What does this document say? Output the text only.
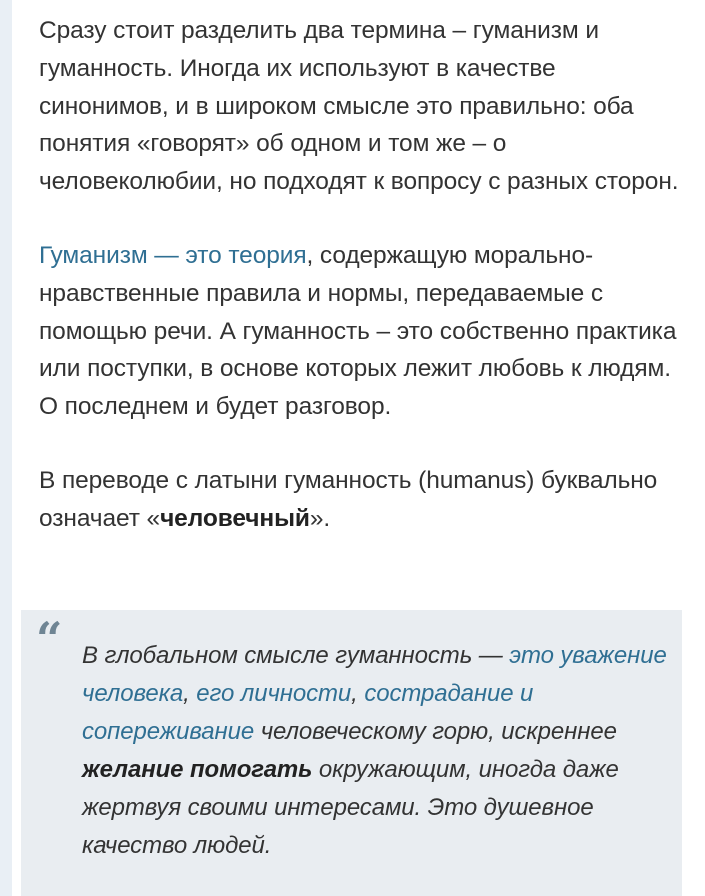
Сразу стоит разделить два термина – гуманизм и гуманность. Иногда их используют в качестве синонимов, и в широком смысле это правильно: оба понятия «говорят» об одном и том же – о человеколюбии, но подходят к вопросу с разных сторон.

Гуманизм — это теория, содержащую морально-нравственные правила и нормы, передаваемые с помощью речи. А гуманность – это собственно практика или поступки, в основе которых лежит любовь к людям. О последнем и будет разговор.

В переводе с латыни гуманность (humanus) буквально означает «человечный».

“ В глобальном смысле гуманность — это уважение человека, его личности, сострадание и сопереживание человеческому горю, искреннее желание помогать окружающим, иногда даже жертвуя своими интересами. Это душевное качество людей.
